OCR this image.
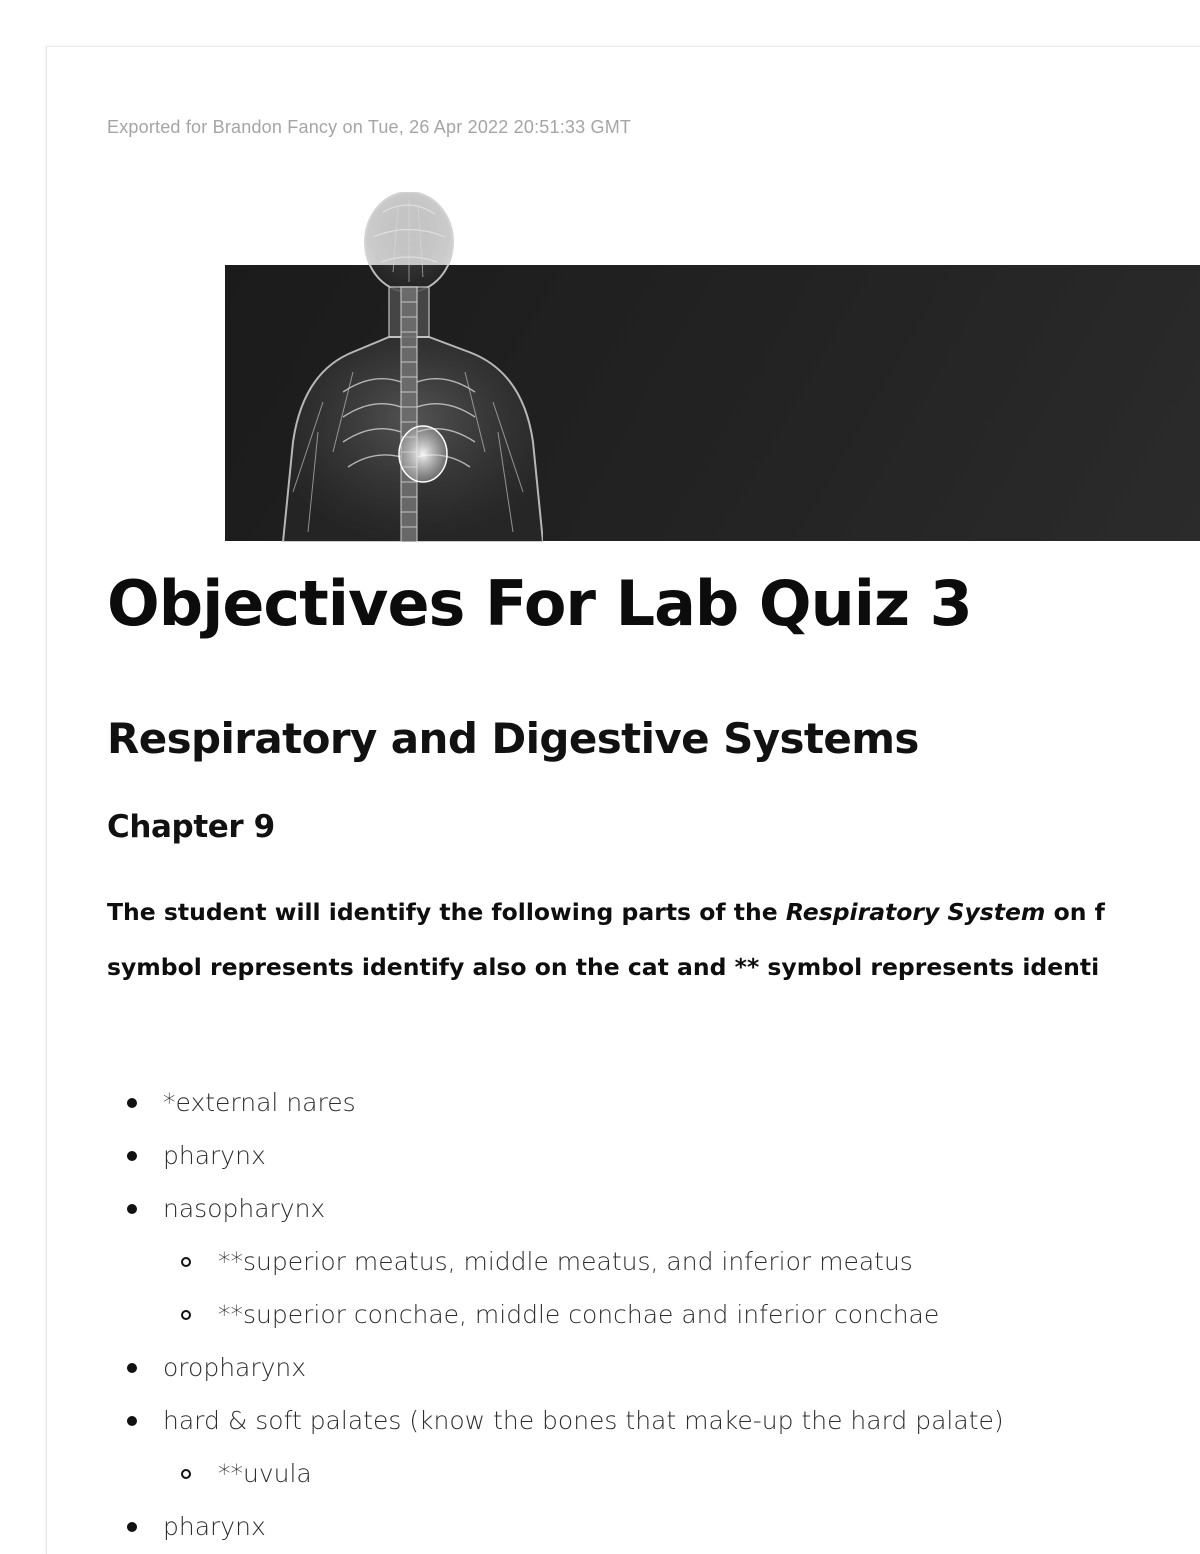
Exported for Brandon Fancy on Tue, 26 Apr 2022 20:51:33 GMT
Objectives For Lab Quiz 3
Respiratory and Digestive Systems
Chapter 9

The student will identify the following parts of the Respiratory System on f
symbol represents identify also on the cat and ** symbol represents identi

*external nares
pharynx
nasopharynx
**superior meatus, middle meatus, and inferior meatus
**superior conchae, middle conchae and inferior conchae
oropharynx
hard & soft palates (know the bones that make-up the hard palate)
**uvula
pharynx
